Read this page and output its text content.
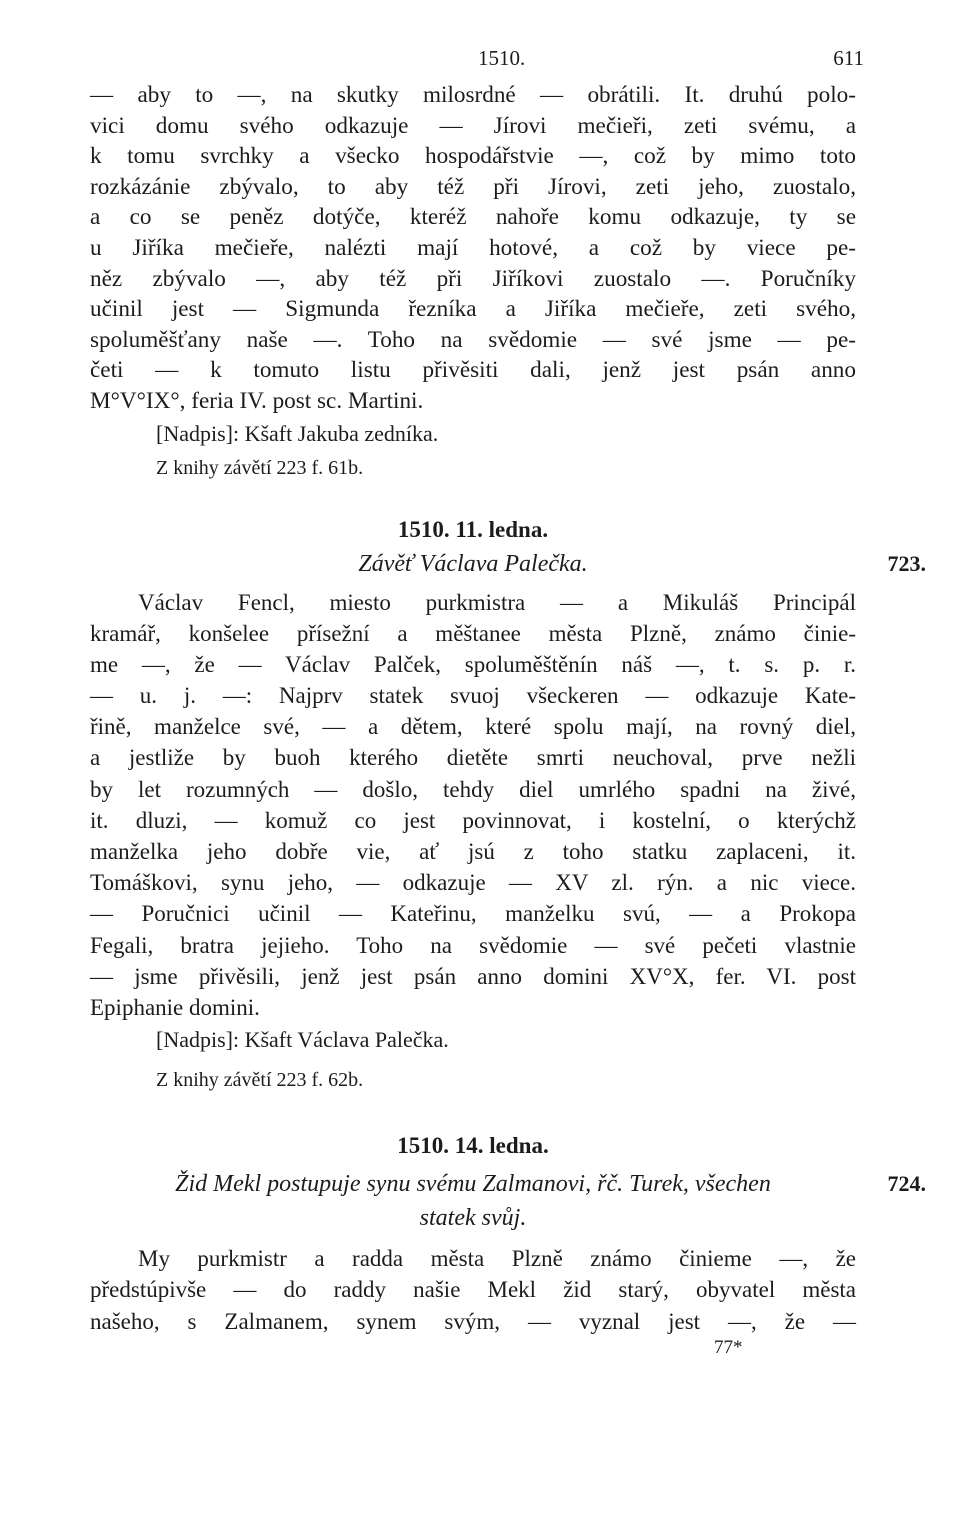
1510.	611
— aby to —, na skutky milosrdné — obrátili. It. druhú polo-
vici domu svého odkazuje — Jírovi mečieři, zeti svému, a
k tomu svrchky a všecko hospodářstvie —, což by mimo toto
rozkázánie zbývalo, to aby též při Jírovi, zeti jeho, zuostalo,
a co se peněz dotýče, kteréž nahoře komu odkazuje, ty se
u Jiříka mečieře, nalézti mají hotové, a což by viece pe-
něz zbývalo —, aby též při Jiříkovi zuostalo —. Poručníky
učinil jest — Sigmunda řezníka a Jiříka mečieře, zeti svého,
spoluměšťany naše —. Toho na svědomie — své jsme — pe-
četi — k tomuto listu přivěsiti dali, jenž jest psán anno
M°V°IX°, feria IV. post sc. Martini.
[Nadpis]: Kšaft Jakuba zedníka.
Z knihy závětí 223 f. 61b.
1510. 11. ledna.
Závěť Václava Palečka.	723.
Václav Fencl, miesto purkmistra — a Mikuláš Principál
kramář, konšelee přísežní a měštanee města Plzně, známo činie-
me —, že — Václav Palček, spoluměštěnín náš —, t. s. p. r.
— u. j. —: Najprv statek svuoj všeckeren — odkazuje Kate-
řině, manželce své, — a dětem, které spolu mají, na rovný diel,
a jestliže by buoh kterého dietěte smrti neuchoval, prve nežli
by let rozumných — došlo, tehdy diel umrlého spadni na živé,
it. dluzi, — komuž co jest povinnovat, i kostelní, o kterýchž
manželka jeho dobře vie, ať jsú z toho statku zaplaceni, it.
Tomáškovi, synu jeho, — odkazuje — XV zl. rýn. a nic viece.
— Poručnici učinil — Kateřinu, manželku svú, — a Prokopa
Fegali, bratra jejieho. Toho na svědomie — své pečeti vlastnie
— jsme přivěsili, jenž jest psán anno domini XV°X, fer. VI. post
Epiphanie domini.
[Nadpis]: Kšaft Václava Palečka.
Z knihy závětí 223 f. 62b.
1510. 14. ledna.
Žid Mekl postupuje synu svému Zalmanovi, řč. Turek, všechen	724.
statek svůj.
My purkmistr a radda města Plzně známo činieme —, že
předstúpivše — do raddy našie Mekl žid starý, obyvatel města
našeho, s Zalmanem, synem svým, — vyznal jest —, že —
77*
